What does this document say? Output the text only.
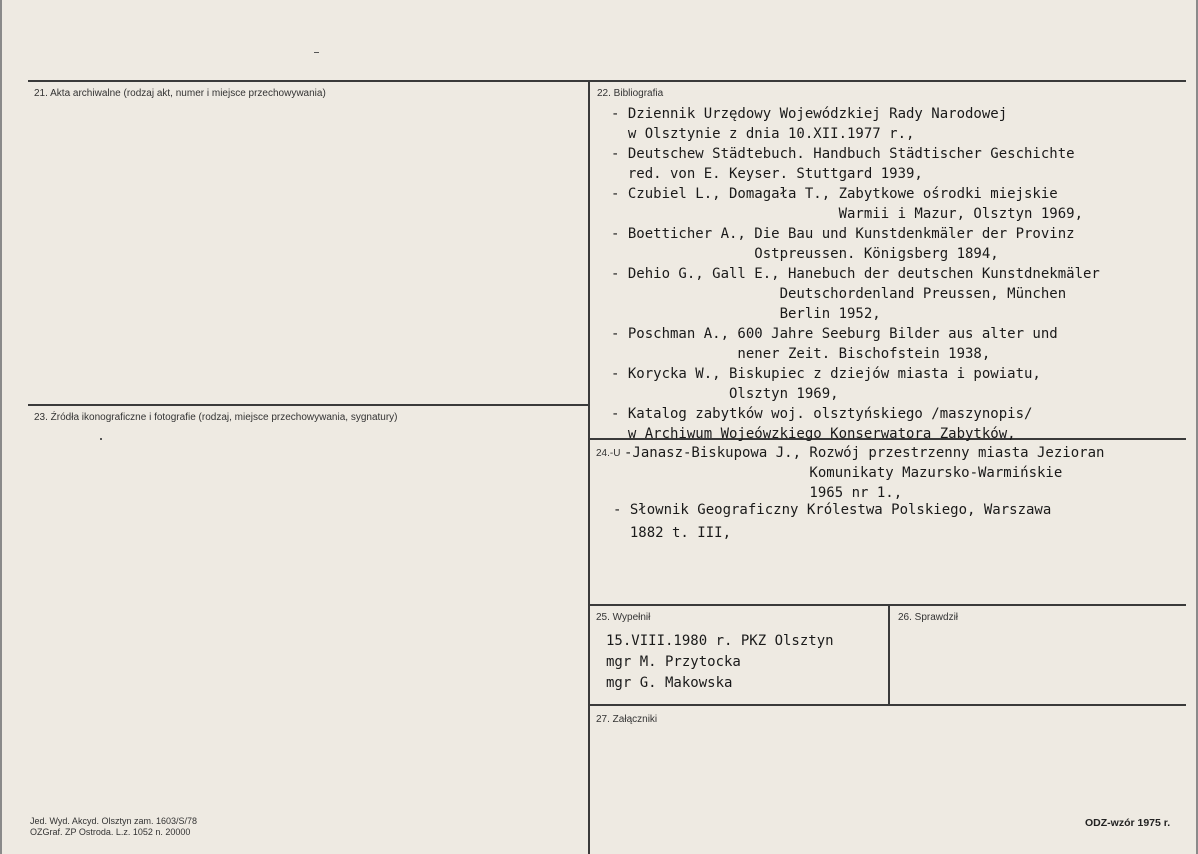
21. Akta archiwalne (rodzaj akt, numer i miejsce przechowywania)	22. Bibliografia
23. Źródła ikonograficzne i fotografie (rodzaj, miejsce przechowywania, sygnatury)
24.-U
25. Wypełnił	26. Sprawdził
27. Załączniki
- Dziennik Urzędowy Wojewódzkiej Rady Narodowej
w Olsztynie z dnia 10.XII.1977 r.,
- Deutschew Städtebuch. Handbuch Städtischer Geschichte
red. von E. Keyser. Stuttgard 1939,
- Czubiel L., Domagała T., Zabytkowe ośrodki miejskie
Warmii i Mazur, Olsztyn 1969,
- Boetticher A., Die Bau und Kunstdenkmäler der Provinz
Ostpreussen. Königsberg 1894,
- Dehio G., Gall E., Hanebuch der deutschen Kunstdnekmäler
Deutschordenland Preussen, München
Berlin 1952,
- Poschman A., 600 Jahre Seeburg Bilder aus alter und
nener Zeit. Bischofstein 1938,
- Korycka W., Biskupiec z dziejów miasta i powiatu,
Olsztyn 1969,
- Katalog zabytków woj. olsztyńskiego /maszynopis/
w Archiwum Wojeówzkiego Konserwatora Zabytków,
-Janasz-Biskupowa J., Rozwój przestrzenny miasta Jezioran
Komunikaty Mazursko-Warmińskie
1965 nr 1.,
- Słownik Geograficzny Królestwa Polskiego, Warszawa
1882 t. III,
15.VIII.1980 r. PKZ Olsztyn
mgr M. Przytocka
mgr G. Makowska
Jed. Wyd. Akcyd. Olsztyn zam. 1603/S/78
OZGraf. ZP Ostroda. L.z. 1052 n. 20000
ODZ-wzór 1975 r.
